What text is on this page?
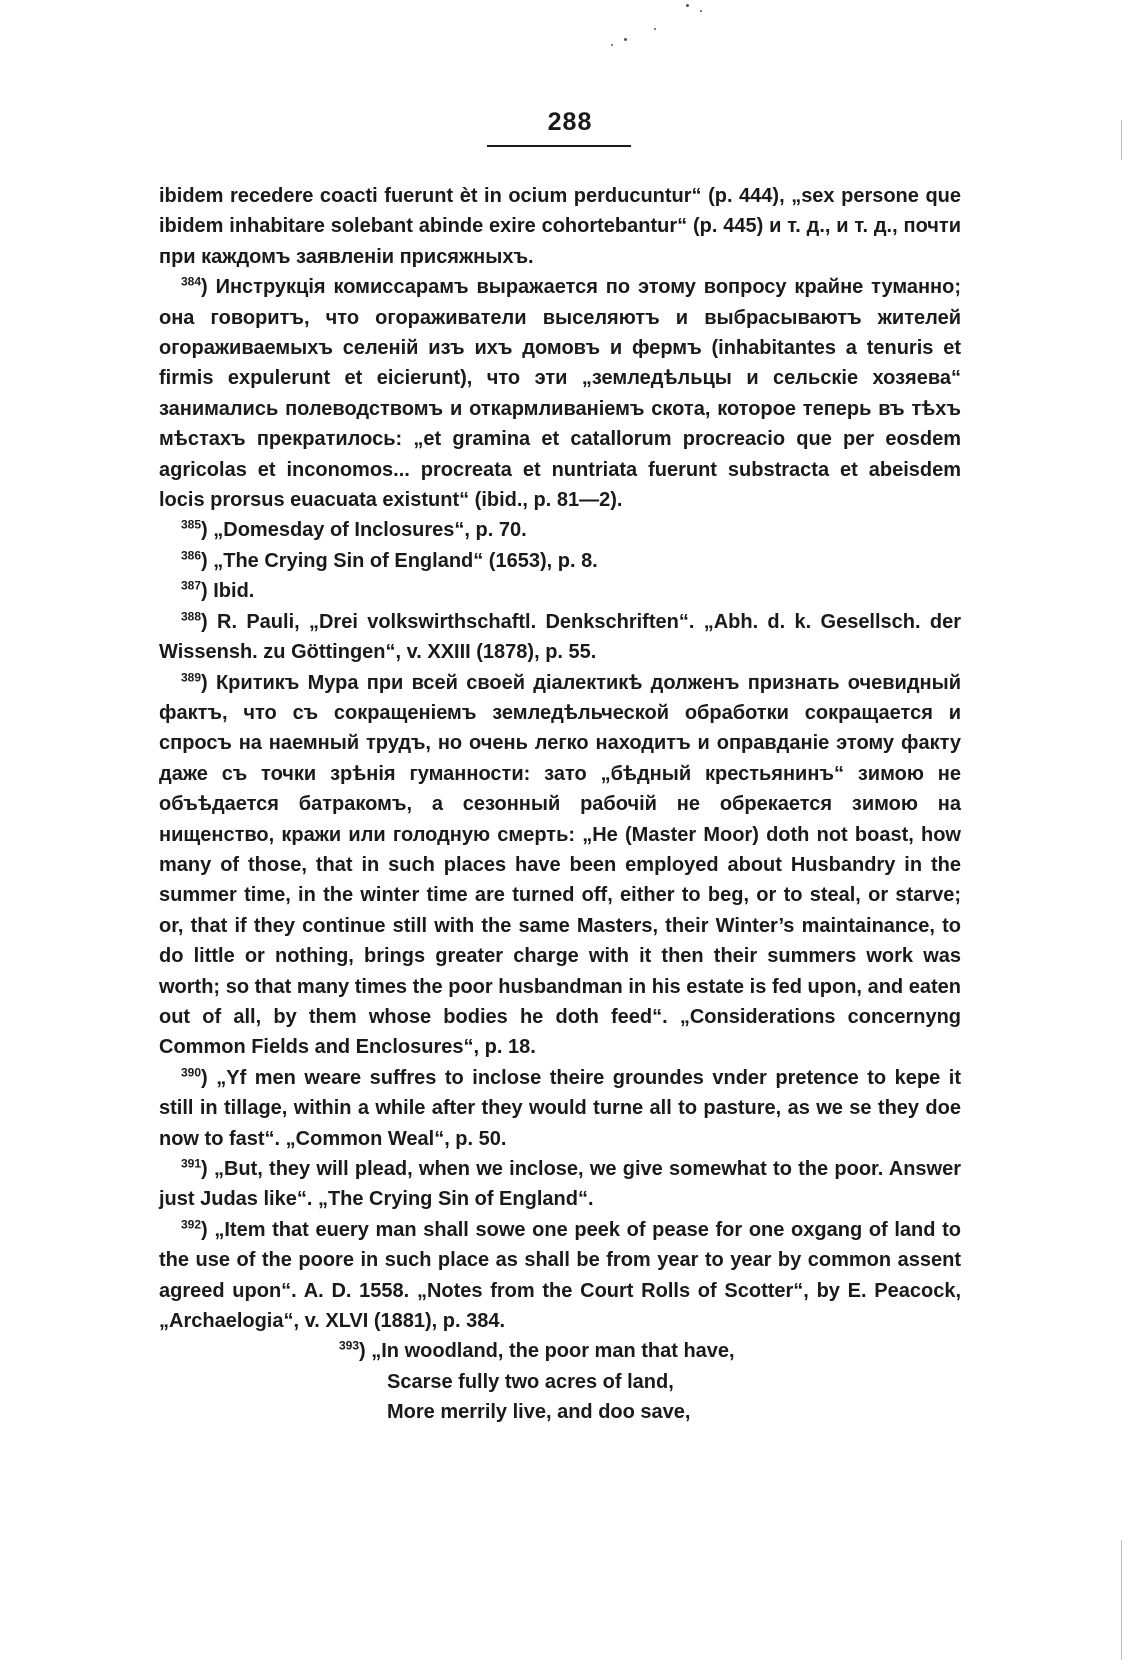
288

ibidem recedere coacti fuerunt èt in ocium perducuntur“ (p. 444), „sex persone que ibidem inhabitare solebant abinde exire cohortebantur“ (p. 445) и т. д., и т. д., почти при каждомъ заявленіи присяжныхъ.

$^{384}$) Инструкція комиссарамъ выражается по этому вопросу крайне туманно; она говоритъ, что огораживатели выселяютъ и выбрасываютъ жителей огораживаемыхъ селеній изъ ихъ домовъ и фермъ (inhabitantes a tenuris et firmis expulerunt et eicierunt), что эти „земледѣльцы и сельскіе хозяева“ занимались полеводствомъ и откармливаніемъ скота, которое теперь въ тѣхъ мѣстахъ прекратилось: „et gramina et catallorum procreacio que per eosdem agricolas et inconomos... procreata et nuntriata fuerunt substracta et abeisdem locis prorsus euacuata existunt“ (ibid., p. 81—2).

$^{385}$) „Domesday of Inclosures“, p. 70.

$^{386}$) „The Crying Sin of England“ (1653), p. 8.

$^{387}$) Ibid.

$^{388}$) R. Pauli, „Drei volkswirthschaftl. Denkschriften“. „Abh. d. k. Gesellsch. der Wissensh. zu Göttingen“, v. XXIII (1878), p. 55.

$^{389}$) Критикъ Мура при всей своей діалектикѣ долженъ признать очевидный фактъ, что съ сокращеніемъ земледѣльческой обработки сокращается и спросъ на наемный трудъ, но очень легко находитъ и оправданіе этому факту даже съ точки зрѣнія гуманности: зато „бѣдный крестьянинъ“ зимою не объѣдается батракомъ, а сезонный рабочій не обрекается зимою на нищенство, кражи или голодную смерть: „He (Master Moor) doth not boast, how many of those, that in such places have been employed about Husbandry in the summer time, in the winter time are turned off, either to beg, or to steal, or starve; or, that if they continue still with the same Masters, their Winter’s maintainance, to do little or nothing, brings greater charge with it then their summers work was worth; so that many times the poor husbandman in his estate is fed upon, and eaten out of all, by them whose bodies he doth feed“. „Considerations concernyng Common Fields and Enclosures“, p. 18.

$^{390}$) „Yf men weare suffres to inclose theire groundes vnder pretence to kepe it still in tillage, within a while after they would turne all to pasture, as we se they doe now to fast“. „Common Weal“, p. 50.

$^{391}$) „But, they will plead, when we inclose, we give somewhat to the poor. Answer just Judas like“. „The Crying Sin of England“.

$^{392}$) „Item that euery man shall sowe one peek of pease for one oxgang of land to the use of the poore in such place as shall be from year to year by common assent agreed upon“. A. D. 1558. „Notes from the Court Rolls of Scotter“, by E. Peacock, „Archaelogia“, v. XLVI (1881), p. 384.

$^{393}$) „In woodland, the poor man that have,
Scarse fully two acres of land,
More merrily live, and doo save,
